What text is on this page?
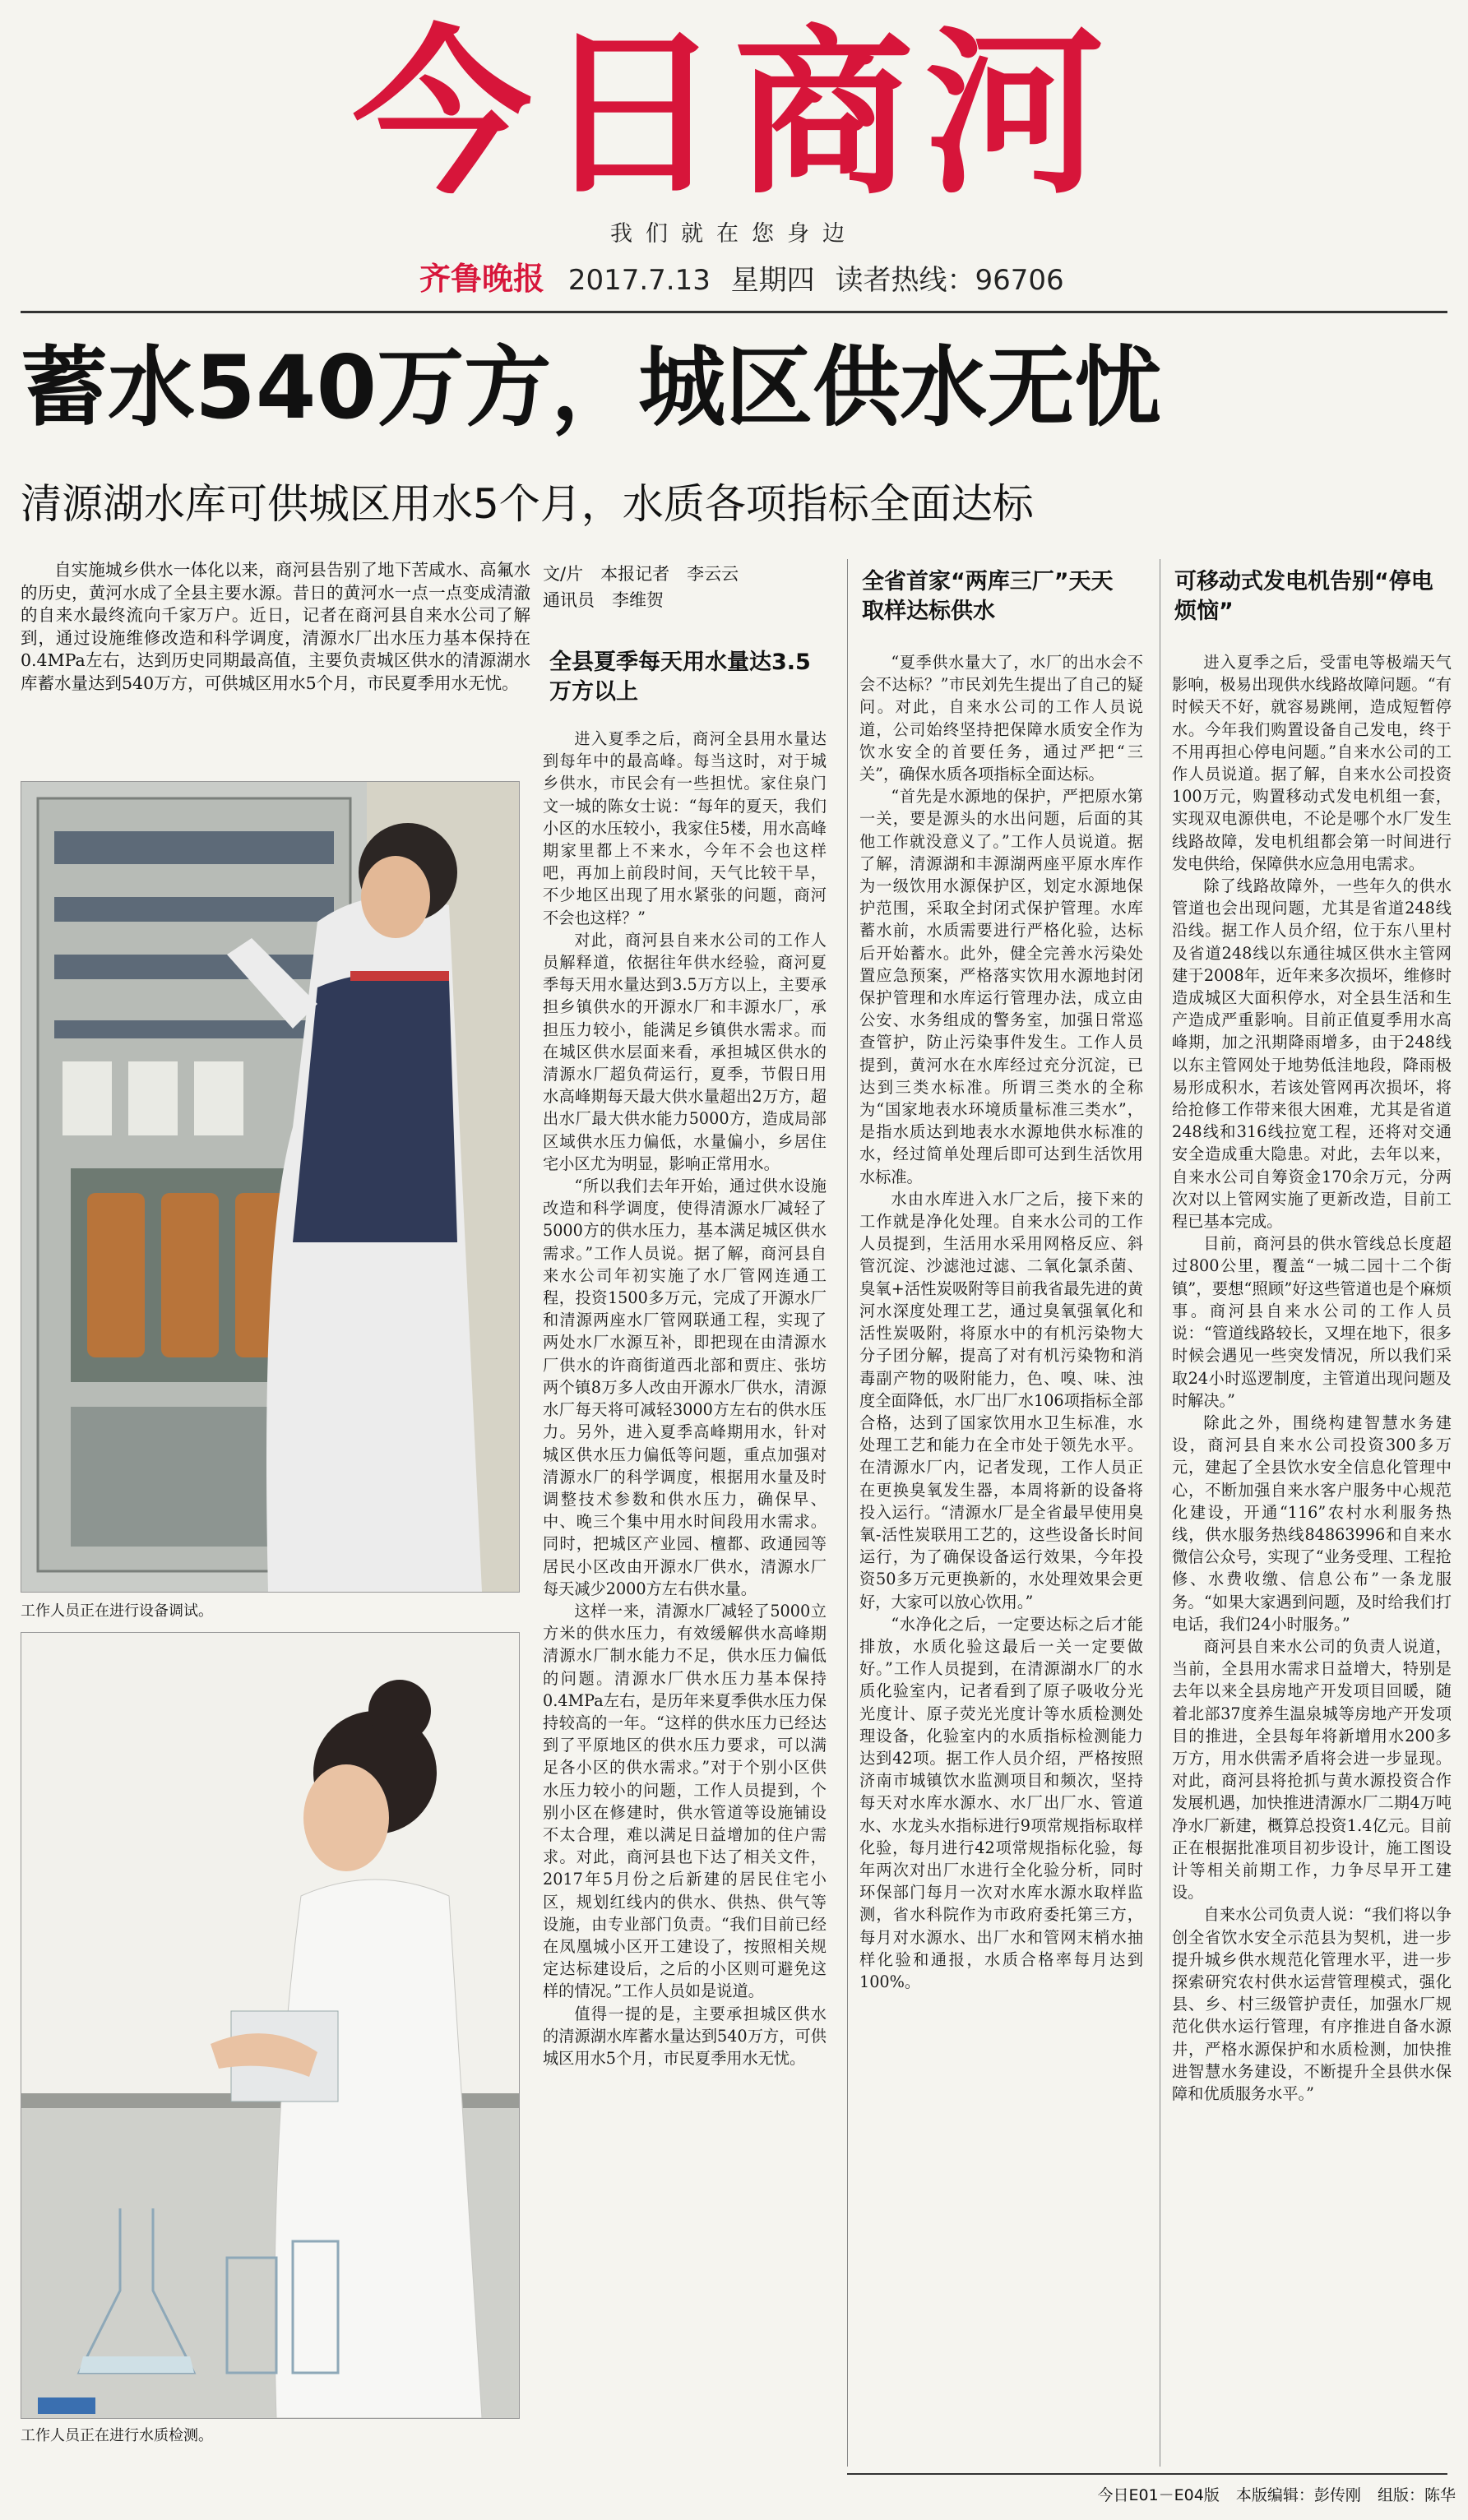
今日商河
我们就在您身边
齐鲁晚报 2017.7.13 星期四 读者热线：96706
蓄水540万方，城区供水无忧
清源湖水库可供城区用水5个月，水质各项指标全面达标
自实施城乡供水一体化以来，商河县告别了地下苦咸水、高氟水的历史，黄河水成了全县主要水源。昔日的黄河水一点一点变成清澈的自来水最终流向千家万户。近日，记者在商河县自来水公司了解到，通过设施维修改造和科学调度，清源水厂出水压力基本保持在0.4MPa左右，达到历史同期最高值，主要负责城区供水的清源湖水库蓄水量达到540万方，可供城区用水5个月，市民夏季用水无忧。
工作人员正在进行设备调试。
工作人员正在进行水质检测。
文/片　本报记者　李云云
通讯员　李维贺
全县夏季每天用水量达3.5万方以上

进入夏季之后，商河全县用水量达到每年中的最高峰。每当这时，对于城乡供水，市民会有一些担忧。家住泉门文一城的陈女士说：“每年的夏天，我们小区的水压较小，我家住5楼，用水高峰期家里都上不来水，今年不会也这样吧，再加上前段时间，天气比较干旱，不少地区出现了用水紧张的问题，商河不会也这样？”

对此，商河县自来水公司的工作人员解释道，依据往年供水经验，商河夏季每天用水量达到3.5万方以上，主要承担乡镇供水的开源水厂和丰源水厂，承担压力较小，能满足乡镇供水需求。而在城区供水层面来看，承担城区供水的清源水厂超负荷运行，夏季，节假日用水高峰期每天最大供水量超出2万方，超出水厂最大供水能力5000方，造成局部区域供水压力偏低，水量偏小，乡居住宅小区尤为明显，影响正常用水。

“所以我们去年开始，通过供水设施改造和科学调度，使得清源水厂减轻了5000方的供水压力，基本满足城区供水需求。”工作人员说。据了解，商河县自来水公司年初实施了水厂管网连通工程，投资1500多万元，完成了开源水厂和清源两座水厂管网联通工程，实现了两处水厂水源互补，即把现在由清源水厂供水的许商街道西北部和贾庄、张坊两个镇8万多人改由开源水厂供水，清源水厂每天将可减轻3000方左右的供水压力。另外，进入夏季高峰期用水，针对城区供水压力偏低等问题，重点加强对清源水厂的科学调度，根据用水量及时调整技术参数和供水压力，确保早、中、晚三个集中用水时间段用水需求。同时，把城区产业园、檀都、政通园等居民小区改由开源水厂供水，清源水厂每天减少2000方左右供水量。

这样一来，清源水厂减轻了5000立方米的供水压力，有效缓解供水高峰期清源水厂制水能力不足，供水压力偏低的问题。清源水厂供水压力基本保持0.4MPa左右，是历年来夏季供水压力保持较高的一年。“这样的供水压力已经达到了平原地区的供水压力要求，可以满足各小区的供水需求。”对于个别小区供水压力较小的问题，工作人员提到，个别小区在修建时，供水管道等设施铺设不太合理，难以满足日益增加的住户需求。对此，商河县也下达了相关文件，2017年5月份之后新建的居民住宅小区，规划红线内的供水、供热、供气等设施，由专业部门负责。“我们目前已经在凤凰城小区开工建设了，按照相关规定达标建设后，之后的小区则可避免这样的情况。”工作人员如是说道。

值得一提的是，主要承担城区供水的清源湖水库蓄水量达到540万方，可供城区用水5个月，市民夏季用水无忧。

全省首家“两库三厂”天天取样达标供水

“夏季供水量大了，水厂的出水会不会不达标？”市民刘先生提出了自己的疑问。对此，自来水公司的工作人员说道，公司始终坚持把保障水质安全作为饮水安全的首要任务，通过严把“三关”，确保水质各项指标全面达标。

“首先是水源地的保护，严把原水第一关，要是源头的水出问题，后面的其他工作就没意义了。”工作人员说道。据了解，清源湖和丰源湖两座平原水库作为一级饮用水源保护区，划定水源地保护范围，采取全封闭式保护管理。水库蓄水前，水质需要进行严格化验，达标后开始蓄水。此外，健全完善水污染处置应急预案，严格落实饮用水源地封闭保护管理和水库运行管理办法，成立由公安、水务组成的警务室，加强日常巡查管护，防止污染事件发生。工作人员提到，黄河水在水库经过充分沉淀，已达到三类水标准。所谓三类水的全称为“国家地表水环境质量标准三类水”，是指水质达到地表水水源地供水标准的水，经过简单处理后即可达到生活饮用水标准。

水由水库进入水厂之后，接下来的工作就是净化处理。自来水公司的工作人员提到，生活用水采用网格反应、斜管沉淀、沙滤池过滤、二氧化氯杀菌、臭氧+活性炭吸附等目前我省最先进的黄河水深度处理工艺，通过臭氧强氧化和活性炭吸附，将原水中的有机污染物大分子团分解，提高了对有机污染物和消毒副产物的吸附能力，色、嗅、味、浊度全面降低，水厂出厂水106项指标全部合格，达到了国家饮用水卫生标准，水处理工艺和能力在全市处于领先水平。在清源水厂内，记者发现，工作人员正在更换臭氧发生器，本周将新的设备将投入运行。“清源水厂是全省最早使用臭氧-活性炭联用工艺的，这些设备长时间运行，为了确保设备运行效果，今年投资50多万元更换新的，水处理效果会更好，大家可以放心饮用。”

“水净化之后，一定要达标之后才能排放，水质化验这最后一关一定要做好。”工作人员提到，在清源湖水厂的水质化验室内，记者看到了原子吸收分光光度计、原子荧光光度计等水质检测处理设备，化验室内的水质指标检测能力达到42项。据工作人员介绍，严格按照济南市城镇饮水监测项目和频次，坚持每天对水库水源水、水厂出厂水、管道水、水龙头水指标进行9项常规指标取样化验，每月进行42项常规指标化验，每年两次对出厂水进行全化验分析，同时环保部门每月一次对水库水源水取样监测，省水科院作为市政府委托第三方，每月对水源水、出厂水和管网末梢水抽样化验和通报，水质合格率每月达到100%。

可移动式发电机告别“停电烦恼”

进入夏季之后，受雷电等极端天气影响，极易出现供水线路故障问题。“有时候天不好，就容易跳闸，造成短暂停水。今年我们购置设备自己发电，终于不用再担心停电问题。”自来水公司的工作人员说道。据了解，自来水公司投资100万元，购置移动式发电机组一套，实现双电源供电，不论是哪个水厂发生线路故障，发电机组都会第一时间进行发电供给，保障供水应急用电需求。

除了线路故障外，一些年久的供水管道也会出现问题，尤其是省道248线沿线。据工作人员介绍，位于东八里村及省道248线以东通往城区供水主管网建于2008年，近年来多次损坏，维修时造成城区大面积停水，对全县生活和生产造成严重影响。目前正值夏季用水高峰期，加之汛期降雨增多，由于248线以东主管网处于地势低洼地段，降雨极易形成积水，若该处管网再次损坏，将给抢修工作带来很大困难，尤其是省道248线和316线拉宽工程，还将对交通安全造成重大隐患。对此，去年以来，自来水公司自筹资金170余万元，分两次对以上管网实施了更新改造，目前工程已基本完成。

目前，商河县的供水管线总长度超过800公里，覆盖“一城二园十二个街镇”，要想“照顾”好这些管道也是个麻烦事。商河县自来水公司的工作人员说：“管道线路较长，又埋在地下，很多时候会遇见一些突发情况，所以我们采取24小时巡逻制度，主管道出现问题及时解决。”

除此之外，围绕构建智慧水务建设，商河县自来水公司投资300多万元，建起了全县饮水安全信息化管理中心，不断加强自来水客户服务中心规范化建设，开通“116”农村水利服务热线，供水服务热线84863996和自来水微信公众号，实现了“业务受理、工程抢修、水费收缴、信息公布”一条龙服务。“如果大家遇到问题，及时给我们打电话，我们24小时服务。”

商河县自来水公司的负责人说道，当前，全县用水需求日益增大，特别是去年以来全县房地产开发项目回暖，随着北部37度养生温泉城等房地产开发项目的推进，全县每年将新增用水200多万方，用水供需矛盾将会进一步显现。对此，商河县将抢抓与黄水源投资合作发展机遇，加快推进清源水厂二期4万吨净水厂新建，概算总投资1.4亿元。目前正在根据批准项目初步设计，施工图设计等相关前期工作，力争尽早开工建设。

自来水公司负责人说：“我们将以争创全省饮水安全示范县为契机，进一步提升城乡供水规范化管理水平，进一步探索研究农村供水运营管理模式，强化县、乡、村三级管护责任，加强水厂规范化供水运行管理，有序推进自备水源井，严格水源保护和水质检测，加快推进智慧水务建设，不断提升全县供水保障和优质服务水平。”

今日E01－E04版 本版编辑：彭传刚 组版：陈华
